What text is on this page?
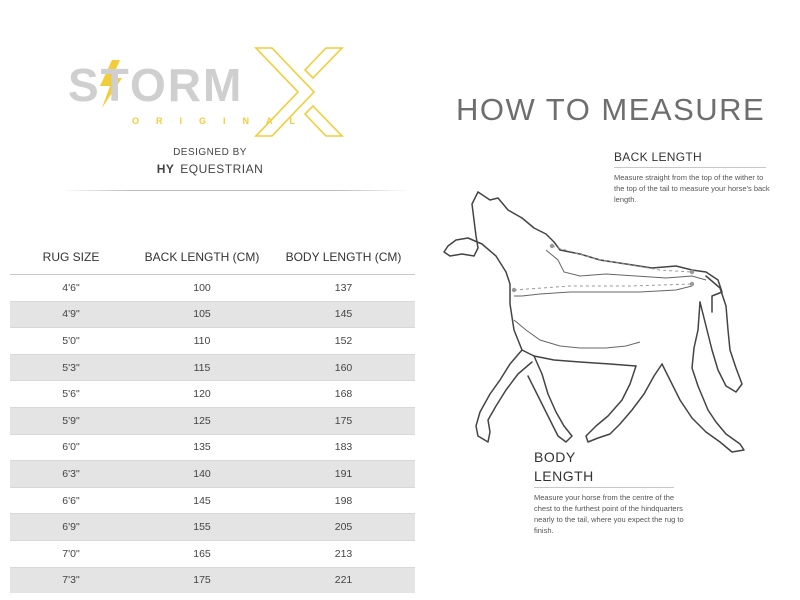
STORM
ORIGINAL
DESIGNED BY
HY EQUESTRIAN
RUG SIZE	BACK LENGTH (CM)	BODY LENGTH (CM)
4'6"	100	137
4'9"	105	145
5'0"	110	152
5'3"	115	160
5'6"	120	168
5'9"	125	175
6'0"	135	183
6'3"	140	191
6'6"	145	198
6'9"	155	205
7'0"	165	213
7'3"	175	221
HOW TO MEASURE
BACK LENGTH
Measure straight from the top of the wither to the top of the tail to measure your horse's back length.
BODY
LENGTH
Measure your horse from the centre of the chest to the furthest point of the hindquarters nearly to the tail, where you expect the rug to finish.
